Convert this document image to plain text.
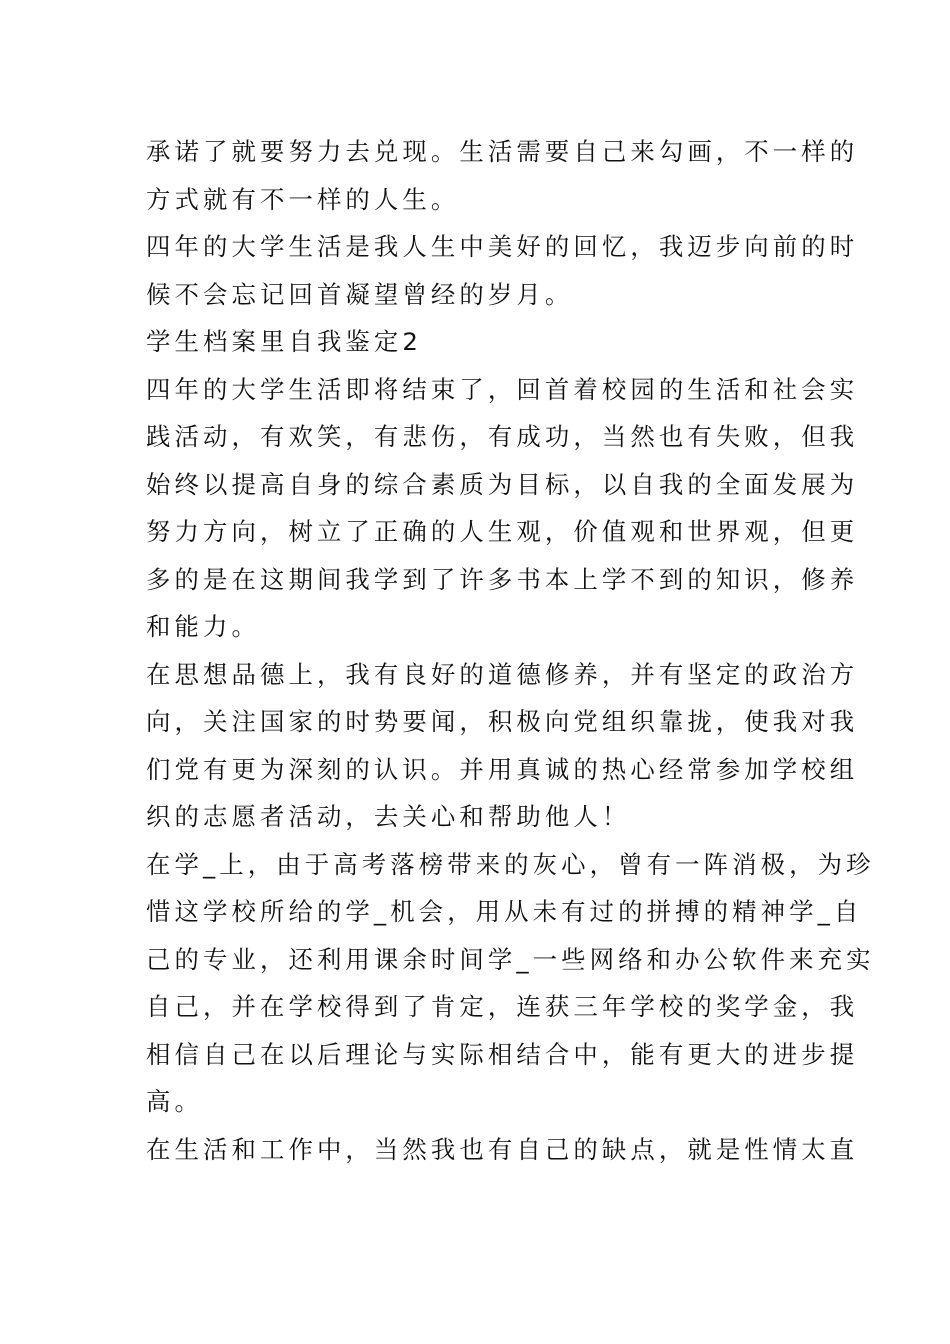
承诺了就要努力去兑现。生活需要自己来勾画，不一样的
方式就有不一样的人生。
四年的大学生活是我人生中美好的回忆，我迈步向前的时
候不会忘记回首凝望曾经的岁月。
学生档案里自我鉴定2
四年的大学生活即将结束了，回首着校园的生活和社会实
践活动，有欢笑，有悲伤，有成功，当然也有失败，但我
始终以提高自身的综合素质为目标，以自我的全面发展为
努力方向，树立了正确的人生观，价值观和世界观，但更
多的是在这期间我学到了许多书本上学不到的知识，修养
和能力。
在思想品德上，我有良好的道德修养，并有坚定的政治方
向，关注国家的时势要闻，积极向党组织靠拢，使我对我
们党有更为深刻的认识。并用真诚的热心经常参加学校组
织的志愿者活动，去关心和帮助他人！
在学_上，由于高考落榜带来的灰心，曾有一阵消极，为珍
惜这学校所给的学_机会，用从未有过的拼搏的精神学_自
己的专业，还利用课余时间学_一些网络和办公软件来充实
自己，并在学校得到了肯定，连获三年学校的奖学金，我
相信自己在以后理论与实际相结合中，能有更大的进步提
高。
在生活和工作中，当然我也有自己的缺点，就是性情太直
